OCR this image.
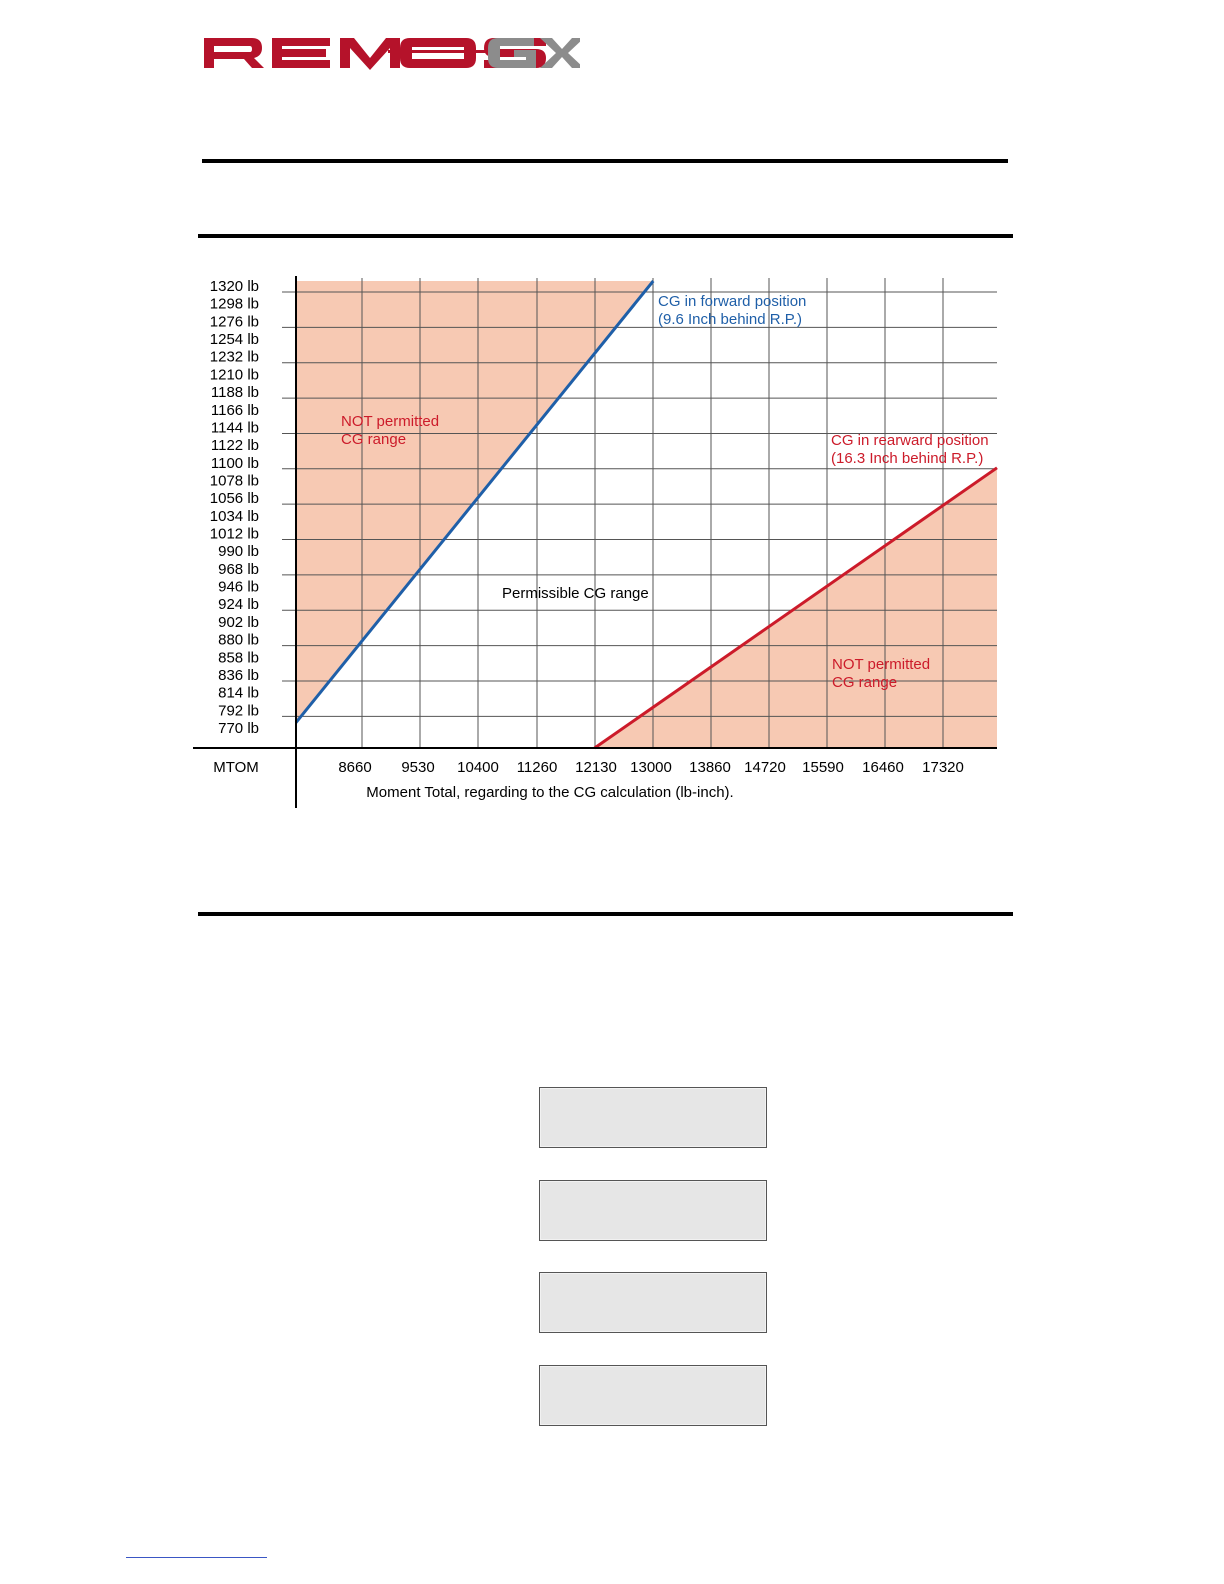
1320 lb
1298 lb
1276 lb
1254 lb
1232 lb
1210 lb
1188 lb
1166 lb
1144 lb
1122 lb
1100 lb
1078 lb
1056 lb
1034 lb
1012 lb
990 lb
968 lb
946 lb
924 lb
902 lb
880 lb
858 lb
836 lb
814 lb
792 lb
770 lb
8660 9530 10400 11260 12130 13000 13860 14720 15590 16460 17320
CG in forward position
(9.6 Inch behind R.P.)
CG in rearward position
(16.3 Inch behind R.P.)
NOT permitted
CG range
Permissible CG range
NOT permitted
CG range
MTOM
Moment Total, regarding to the CG calculation (lb-inch).
